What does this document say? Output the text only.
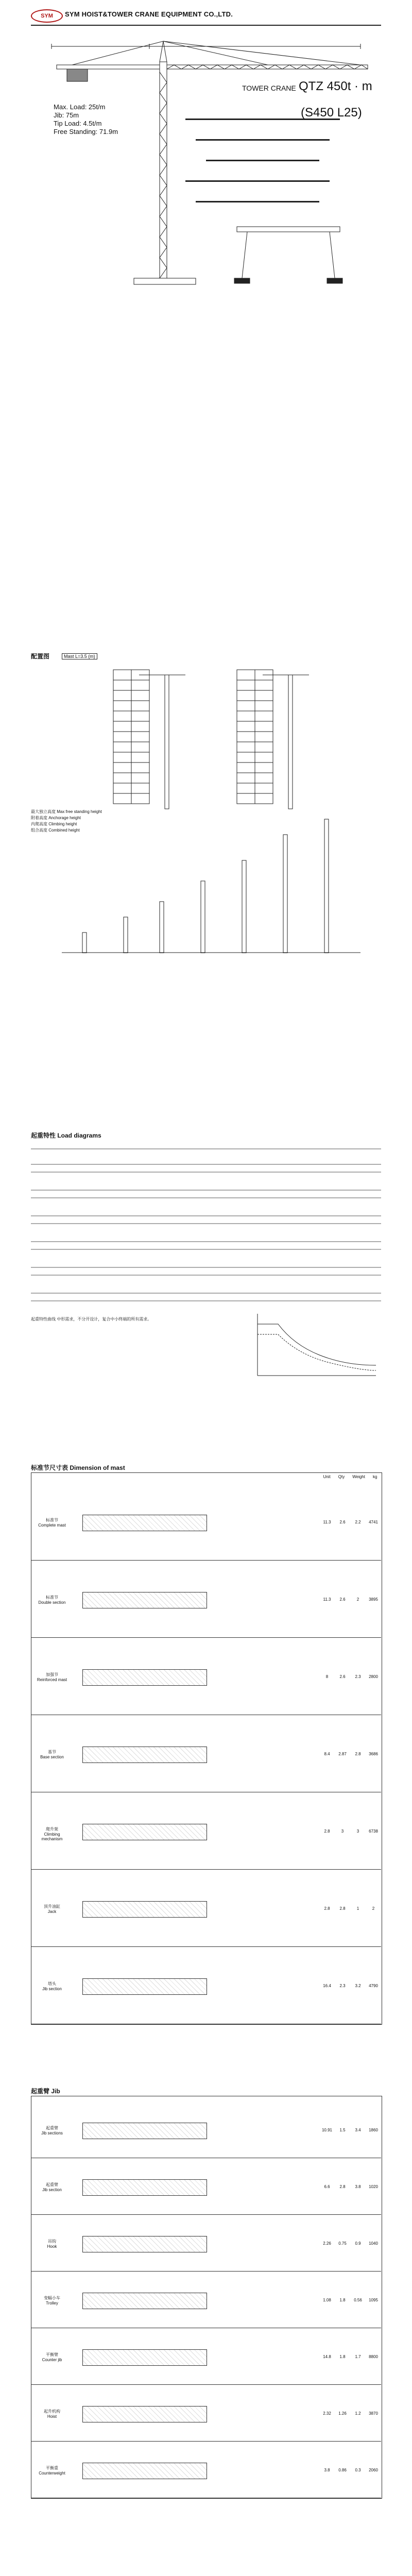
SYM SYM HOIST&TOWER CRANE EQUIPMENT CO.,LTD.
TOWER CRANE QTZ 450t · m
(S450 L25)
Max. Load: 25t/m
Jib: 75m
Tip Load: 4.5t/m
Free Standing: 71.9m
配置图	Mast L=3.5 (m)
最大独立高度 Max free standing height
附着高度 Anchorage height
内爬高度 Climbing height
组合高度 Combined height
起重特性 Load diagrams
起重特性曲线 中形需求，不分开设计，复合中小终端的所有需求。
标准节尺寸表 Dimension of mast
Unit Qty Weight kg
标准节
Complete mast
11.3	2.6	2.2	4741
标准节
Double section
11.3	2.6	2	3895
加强节
Reinforced mast
8	2.6	2.3	2800
基节
Base section
8.4	2.87	2.8	3686
爬升架
Climbing mechanism
2.8	3	3	6738
顶升油缸
Jack
2.8	2.8	1	2
塔头
Jib section
16.4	2.3	3.2	4790
起重臂 Jib
起重臂
Jib sections
10.91	1.5	3.4	1860
起重臂
Jib section
6.6	2.8	3.8	1020
吊钩
Hook
2.26	0.75	0.9	1040
变幅小车
Trolley
1.08	1.8	0.56	1095
平衡臂
Counter jib
14.8	1.8	1.7	8800
起升机构
Hoist
2.32	1.26	1.2	3870
平衡重
Counterweight
3.8	0.86	0.3	2060
